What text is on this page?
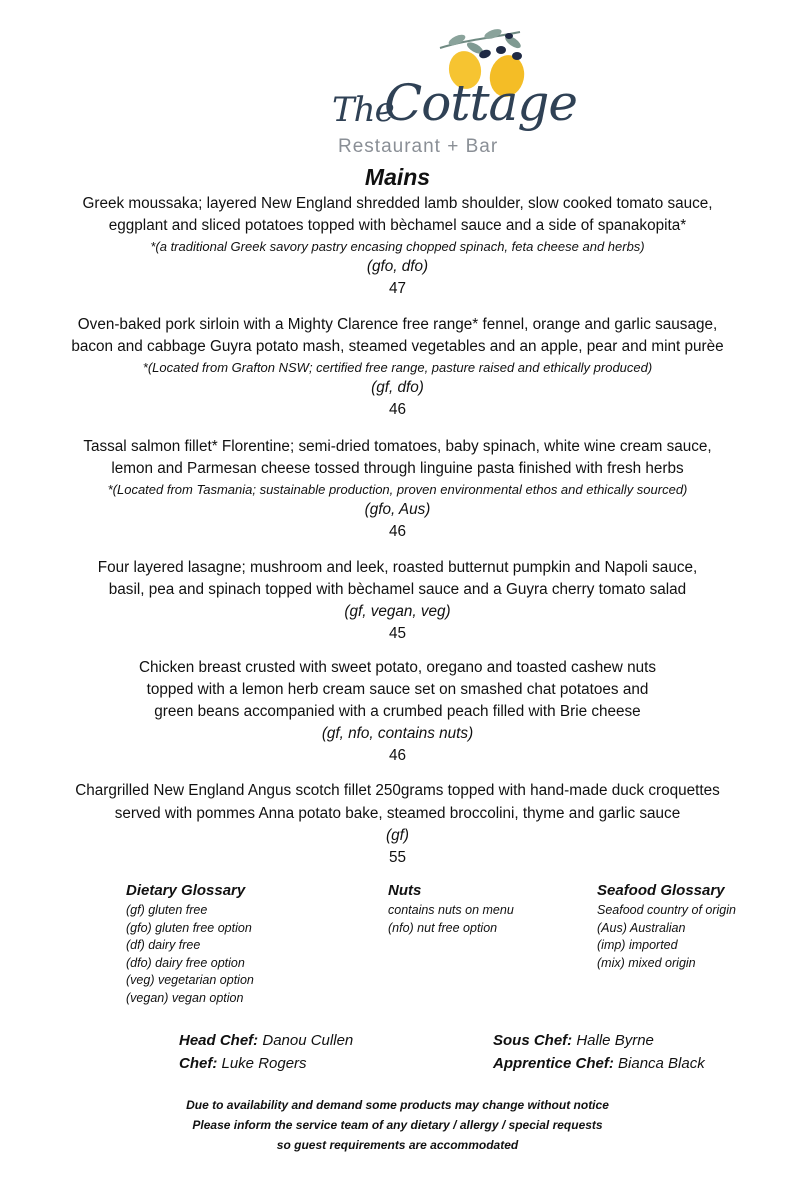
The
Cottage
Restaurant + Bar
Mains
Greek moussaka; layered New England shredded lamb shoulder, slow cooked tomato sauce,
eggplant and sliced potatoes topped with bèchamel sauce and a side of spanakopita*
*(a traditional Greek savory pastry encasing chopped spinach, feta cheese and herbs)
(gfo, dfo)
47
Oven-baked pork sirloin with a Mighty Clarence free range* fennel, orange and garlic sausage,
bacon and cabbage Guyra potato mash, steamed vegetables and an apple, pear and mint purèe
*(Located from Grafton NSW; certified free range, pasture raised and ethically produced)
(gf, dfo)
46
Tassal salmon fillet* Florentine; semi-dried tomatoes, baby spinach, white wine cream sauce,
lemon and Parmesan cheese tossed through linguine pasta finished with fresh herbs
*(Located from Tasmania; sustainable production, proven environmental ethos and ethically sourced)
(gfo, Aus)
46
Four layered lasagne; mushroom and leek, roasted butternut pumpkin and Napoli sauce,
basil, pea and spinach topped with bèchamel sauce and a Guyra cherry tomato salad
(gf, vegan, veg)
45
Chicken breast crusted with sweet potato, oregano and toasted cashew nuts
topped with a lemon herb cream sauce set on smashed chat potatoes and
green beans accompanied with a crumbed peach filled with Brie cheese
(gf, nfo, contains nuts)
46
Chargrilled New England Angus scotch fillet 250grams topped with hand-made duck croquettes
served with pommes Anna potato bake, steamed broccolini, thyme and garlic sauce
(gf)
55
Dietary Glossary
(gf) gluten free
(gfo) gluten free option
(df) dairy free
(dfo) dairy free option
(veg) vegetarian option
(vegan) vegan option
Nuts
contains nuts on menu
(nfo) nut free option
Seafood Glossary
Seafood country of origin
(Aus) Australian
(imp) imported
(mix) mixed origin
Head Chef: Danou Cullen
Chef: Luke Rogers
Sous Chef: Halle Byrne
Apprentice Chef: Bianca Black
Due to availability and demand some products may change without notice
Please inform the service team of any dietary / allergy / special requests
so guest requirements are accommodated
